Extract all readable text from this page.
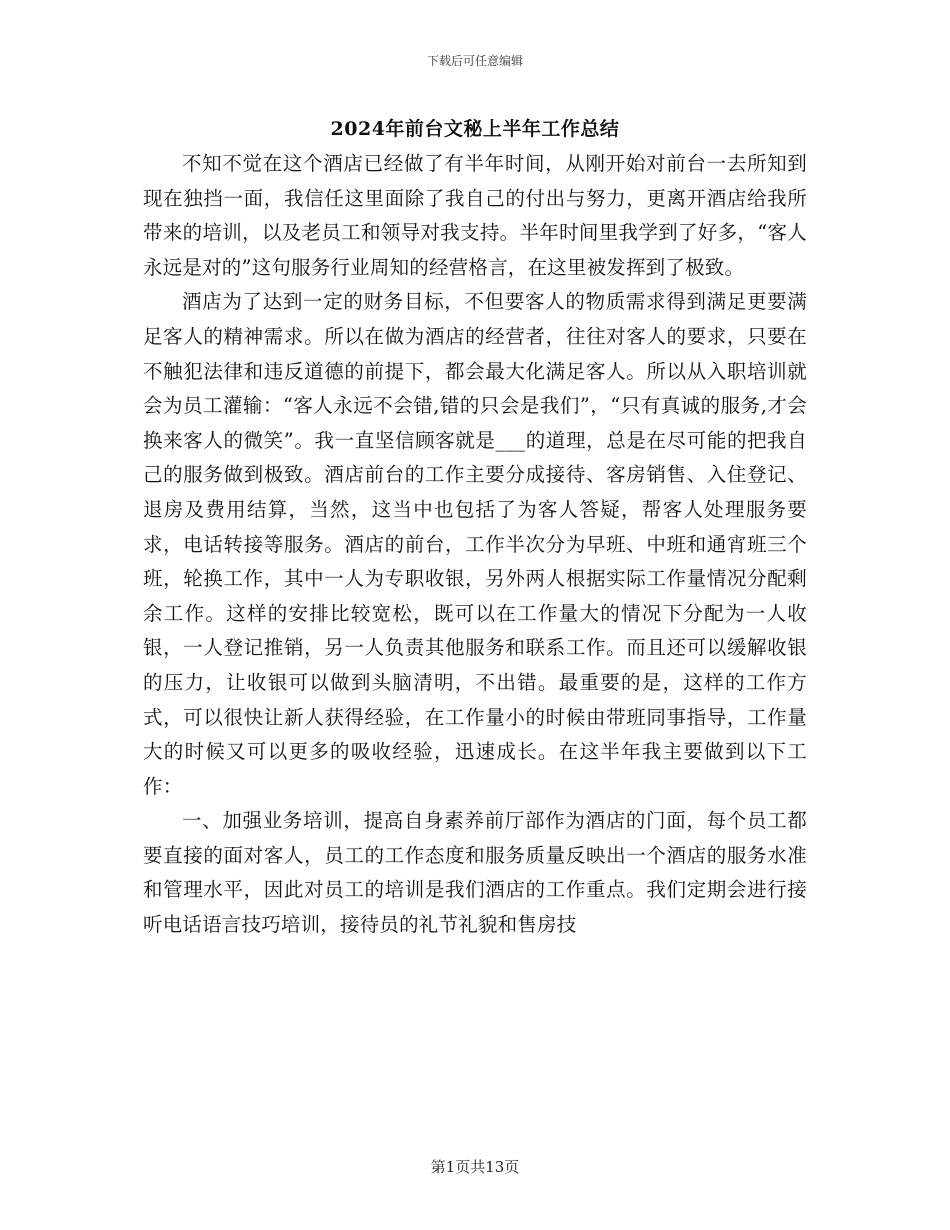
下载后可任意编辑
2024年前台文秘上半年工作总结

不知不觉在这个酒店已经做了有半年时间，从刚开始对前台一去所知到现在独挡一面，我信任这里面除了我自己的付出与努力，更离开酒店给我所带来的培训，以及老员工和领导对我支持。半年时间里我学到了好多，“客人永远是对的”这句服务行业周知的经营格言，在这里被发挥到了极致。

酒店为了达到一定的财务目标，不但要客人的物质需求得到满足更要满足客人的精神需求。所以在做为酒店的经营者，往往对客人的要求，只要在不触犯法律和违反道德的前提下，都会最大化满足客人。所以从入职培训就会为员工灌输：“客人永远不会错,错的只会是我们”，“只有真诚的服务,才会换来客人的微笑”。我一直坚信顾客就是___的道理，总是在尽可能的把我自己的服务做到极致。酒店前台的工作主要分成接待、客房销售、入住登记、退房及费用结算，当然，这当中也包括了为客人答疑，帮客人处理服务要求，电话转接等服务。酒店的前台，工作半次分为早班、中班和通宵班三个班，轮换工作，其中一人为专职收银，另外两人根据实际工作量情况分配剩余工作。这样的安排比较宽松，既可以在工作量大的情况下分配为一人收银，一人登记推销，另一人负责其他服务和联系工作。而且还可以缓解收银的压力，让收银可以做到头脑清明，不出错。最重要的是，这样的工作方式，可以很快让新人获得经验，在工作量小的时候由带班同事指导，工作量大的时候又可以更多的吸收经验，迅速成长。在这半年我主要做到以下工作：

一、加强业务培训，提高自身素养前厅部作为酒店的门面，每个员工都要直接的面对客人，员工的工作态度和服务质量反映出一个酒店的服务水准和管理水平，因此对员工的培训是我们酒店的工作重点。我们定期会进行接听电话语言技巧培训，接待员的礼节礼貌和售房技

第1页共13页
